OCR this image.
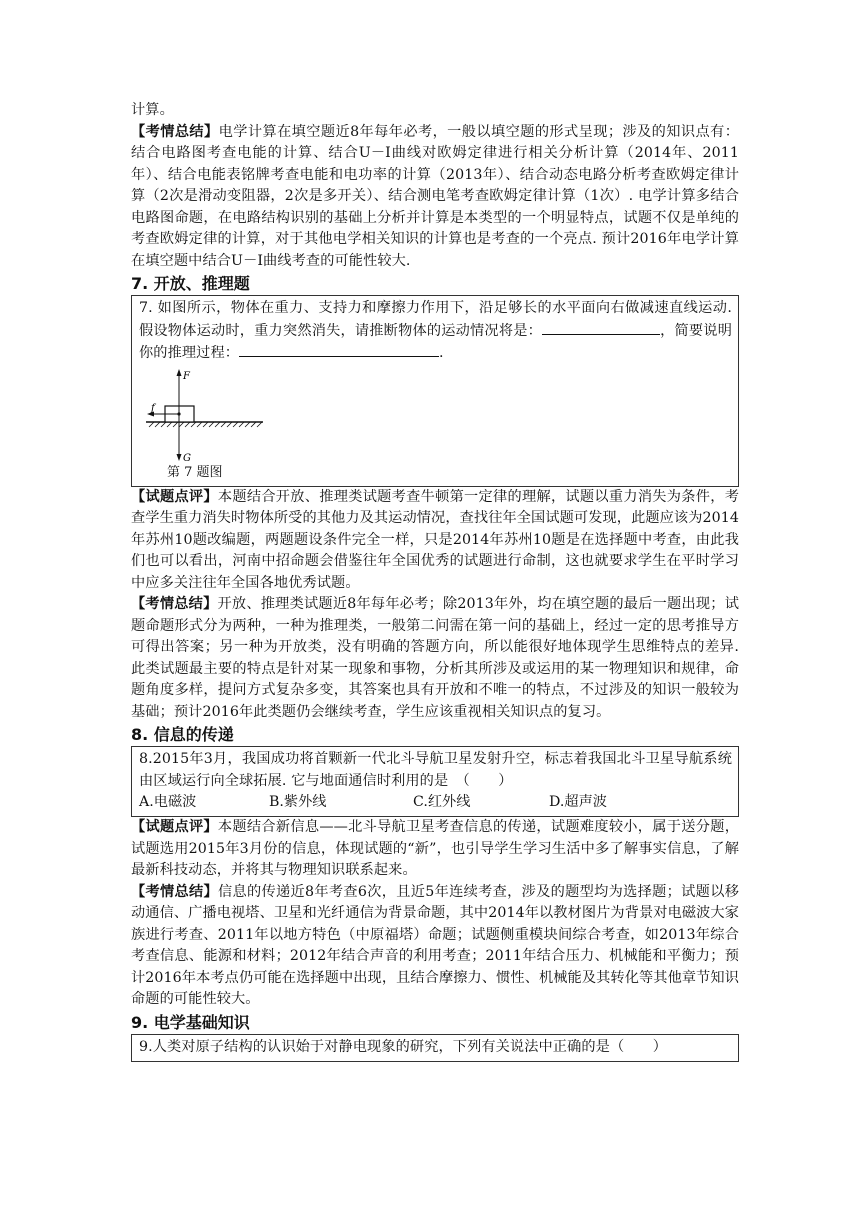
计算。

【考情总结】电学计算在填空题近8年每年必考，一般以填空题的形式呈现；涉及的知识点有：结合电路图考查电能的计算、结合U－I曲线对欧姆定律进行相关分析计算（2014年、2011年）、结合电能表铭牌考查电能和电功率的计算（2013年）、结合动态电路分析考查欧姆定律计算（2次是滑动变阻器，2次是多开关）、结合测电笔考查欧姆定律计算（1次）. 电学计算多结合电路图命题，在电路结构识别的基础上分析并计算是本类型的一个明显特点，试题不仅是单纯的考查欧姆定律的计算，对于其他电学相关知识的计算也是考查的一个亮点. 预计2016年电学计算在填空题中结合U－I曲线考查的可能性较大.

7. 开放、推理题

7. 如图所示，物体在重力、支持力和摩擦力作用下，沿足够长的水平面向右做减速直线运动. 假设物体运动时，重力突然消失，请推断物体的运动情况将是：	，简要说明你的推理过程：	.

F
f
G
第 7 题图

【试题点评】本题结合开放、推理类试题考查牛顿第一定律的理解，试题以重力消失为条件，考查学生重力消失时物体所受的其他力及其运动情况，查找往年全国试题可发现，此题应该为2014年苏州10题改编题，两题题设条件完全一样，只是2014年苏州10题是在选择题中考查，由此我们也可以看出，河南中招命题会借鉴往年全国优秀的试题进行命制，这也就要求学生在平时学习中应多关注往年全国各地优秀试题。

【考情总结】开放、推理类试题近8年每年必考；除2013年外，均在填空题的最后一题出现；试题命题形式分为两种，一种为推理类，一般第二问需在第一问的基础上，经过一定的思考推导方可得出答案；另一种为开放类，没有明确的答题方向，所以能很好地体现学生思维特点的差异. 此类试题最主要的特点是针对某一现象和事物，分析其所涉及或运用的某一物理知识和规律，命题角度多样，提问方式复杂多变，其答案也具有开放和不唯一的特点，不过涉及的知识一般较为基础；预计2016年此类题仍会继续考查，学生应该重视相关知识点的复习。

8. 信息的传递

8.2015年3月，我国成功将首颗新一代北斗导航卫星发射升空，标志着我国北斗卫星导航系统由区域运行向全球拓展. 它与地面通信时利用的是　（　　）

A.电磁波	B.紫外线	C.红外线	D.超声波

【试题点评】本题结合新信息——北斗导航卫星考查信息的传递，试题难度较小，属于送分题，试题选用2015年3月份的信息，体现试题的“新”，也引导学生学习生活中多了解事实信息，了解最新科技动态，并将其与物理知识联系起来。

【考情总结】信息的传递近8年考查6次，且近5年连续考查，涉及的题型均为选择题；试题以移动通信、广播电视塔、卫星和光纤通信为背景命题，其中2014年以教材图片为背景对电磁波大家族进行考查、2011年以地方特色（中原福塔）命题；试题侧重模块间综合考查，如2013年综合考查信息、能源和材料；2012年结合声音的利用考查；2011年结合压力、机械能和平衡力；预计2016年本考点仍可能在选择题中出现，且结合摩擦力、惯性、机械能及其转化等其他章节知识命题的可能性较大。

9. 电学基础知识

9.人类对原子结构的认识始于对静电现象的研究，下列有关说法中正确的是（　　）
